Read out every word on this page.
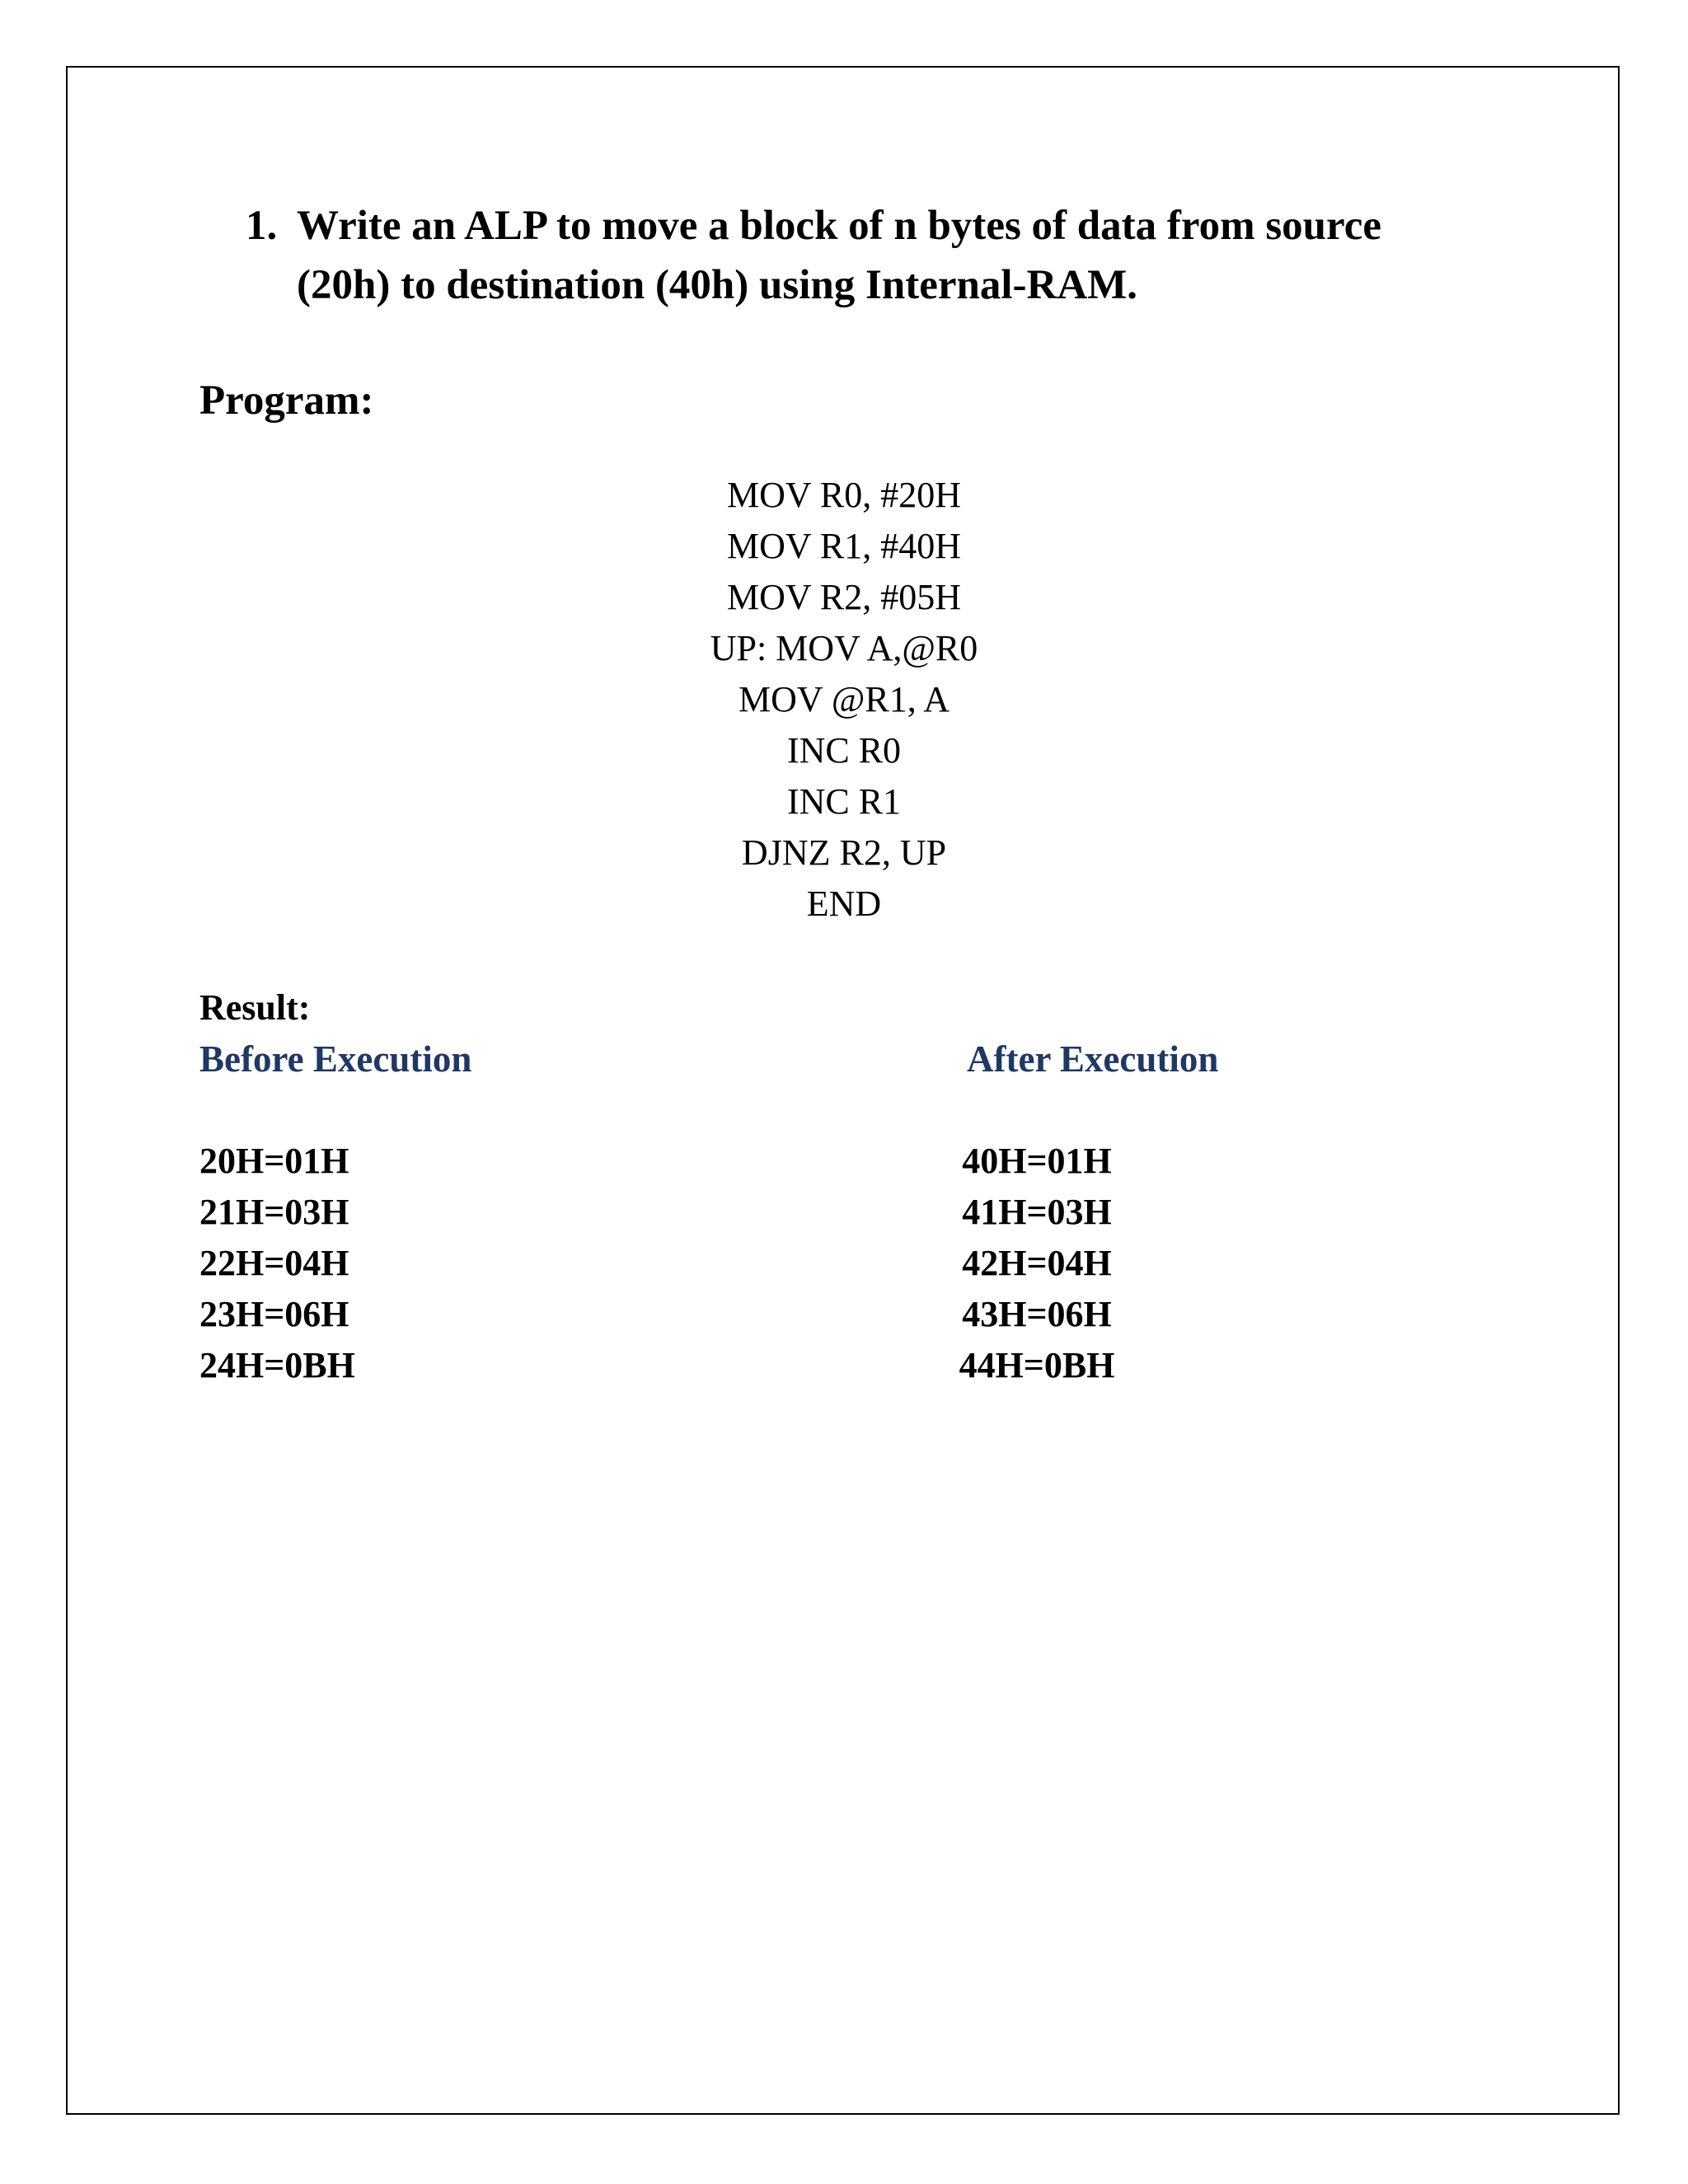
1. Write an ALP to move a block of n bytes of data from source
(20h) to destination (40h) using Internal-RAM.
Program:
MOV R0, #20H
MOV R1, #40H
MOV R2, #05H
UP: MOV A,@R0
MOV @R1, A
INC R0
INC R1
DJNZ R2, UP
END
Result:
Before Execution	After Execution
20H=01H
21H=03H
22H=04H
23H=06H
24H=0BH
40H=01H
41H=03H
42H=04H
43H=06H
44H=0BH
